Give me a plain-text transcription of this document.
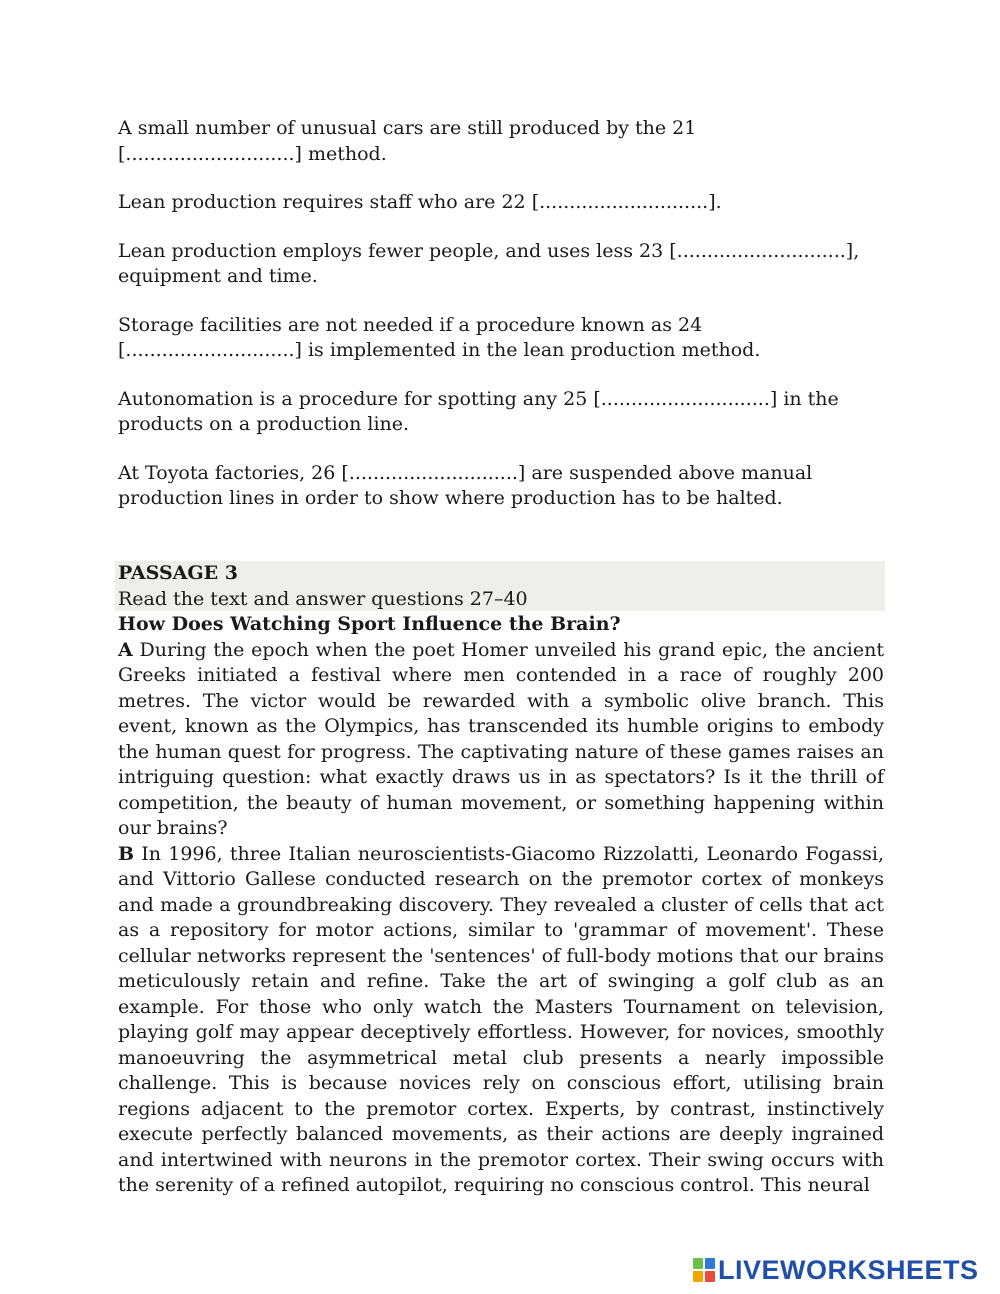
A small number of unusual cars are still produced by the 21 [............................] method.

Lean production requires staff who are 22 [............................].

Lean production employs fewer people, and uses less 23 [............................], equipment and time.

Storage facilities are not needed if a procedure known as 24 [............................] is implemented in the lean production method.

Autonomation is a procedure for spotting any 25 [............................] in the products on a production line.

At Toyota factories, 26 [............................] are suspended above manual production lines in order to show where production has to be halted.

PASSAGE 3
Read the text and answer questions 27–40
How Does Watching Sport Influence the Brain?

A During the epoch when the poet Homer unveiled his grand epic, the ancient Greeks initiated a festival where men contended in a race of roughly 200 metres. The victor would be rewarded with a symbolic olive branch. This event, known as the Olympics, has transcended its humble origins to embody the human quest for progress. The captivating nature of these games raises an intriguing question: what exactly draws us in as spectators? Is it the thrill of competition, the beauty of human movement, or something happening within our brains?

B In 1996, three Italian neuroscientists-Giacomo Rizzolatti, Leonardo Fogassi, and Vittorio Gallese conducted research on the premotor cortex of monkeys and made a groundbreaking discovery. They revealed a cluster of cells that act as a repository for motor actions, similar to 'grammar of movement'. These cellular networks represent the 'sentences' of full-body motions that our brains meticulously retain and refine. Take the art of swinging a golf club as an example. For those who only watch the Masters Tournament on television, playing golf may appear deceptively effortless. However, for novices, smoothly manoeuvring the asymmetrical metal club presents a nearly impossible challenge. This is because novices rely on conscious effort, utilising brain regions adjacent to the premotor cortex. Experts, by contrast, instinctively execute perfectly balanced movements, as their actions are deeply ingrained and intertwined with neurons in the premotor cortex. Their swing occurs with the serenity of a refined autopilot, requiring no conscious control. This neural

LIVEWORKSHEETS
